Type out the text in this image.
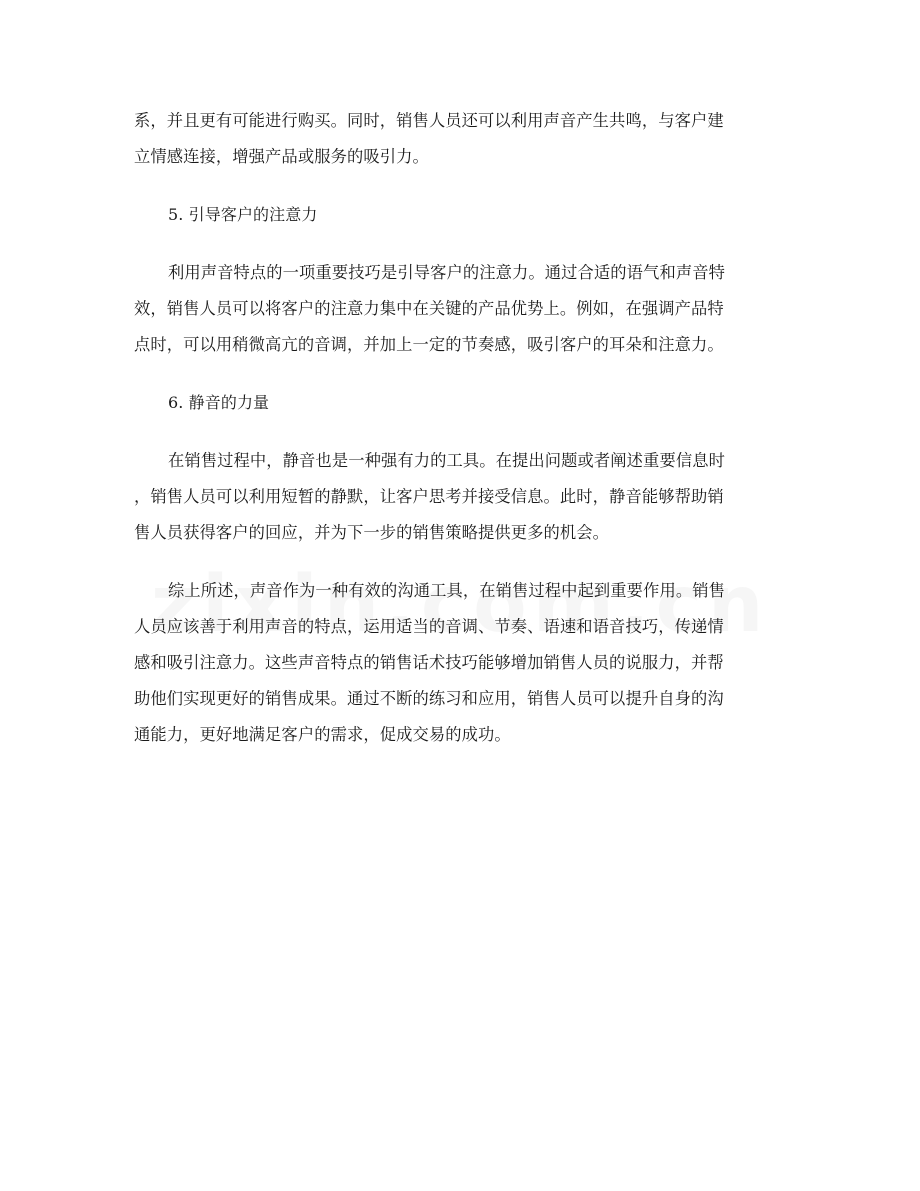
系，并且更有可能进行购买。同时，销售人员还可以利用声音产生共鸣，与客户建
立情感连接，增强产品或服务的吸引力。
5. 引导客户的注意力
利用声音特点的一项重要技巧是引导客户的注意力。通过合适的语气和声音特
效，销售人员可以将客户的注意力集中在关键的产品优势上。例如，在强调产品特
点时，可以用稍微高亢的音调，并加上一定的节奏感，吸引客户的耳朵和注意力。
6. 静音的力量
在销售过程中，静音也是一种强有力的工具。在提出问题或者阐述重要信息时
，销售人员可以利用短暂的静默，让客户思考并接受信息。此时，静音能够帮助销
售人员获得客户的回应，并为下一步的销售策略提供更多的机会。
综上所述，声音作为一种有效的沟通工具，在销售过程中起到重要作用。销售
人员应该善于利用声音的特点，运用适当的音调、节奏、语速和语音技巧，传递情
感和吸引注意力。这些声音特点的销售话术技巧能够增加销售人员的说服力，并帮
助他们实现更好的销售成果。通过不断的练习和应用，销售人员可以提升自身的沟
通能力，更好地满足客户的需求，促成交易的成功。
